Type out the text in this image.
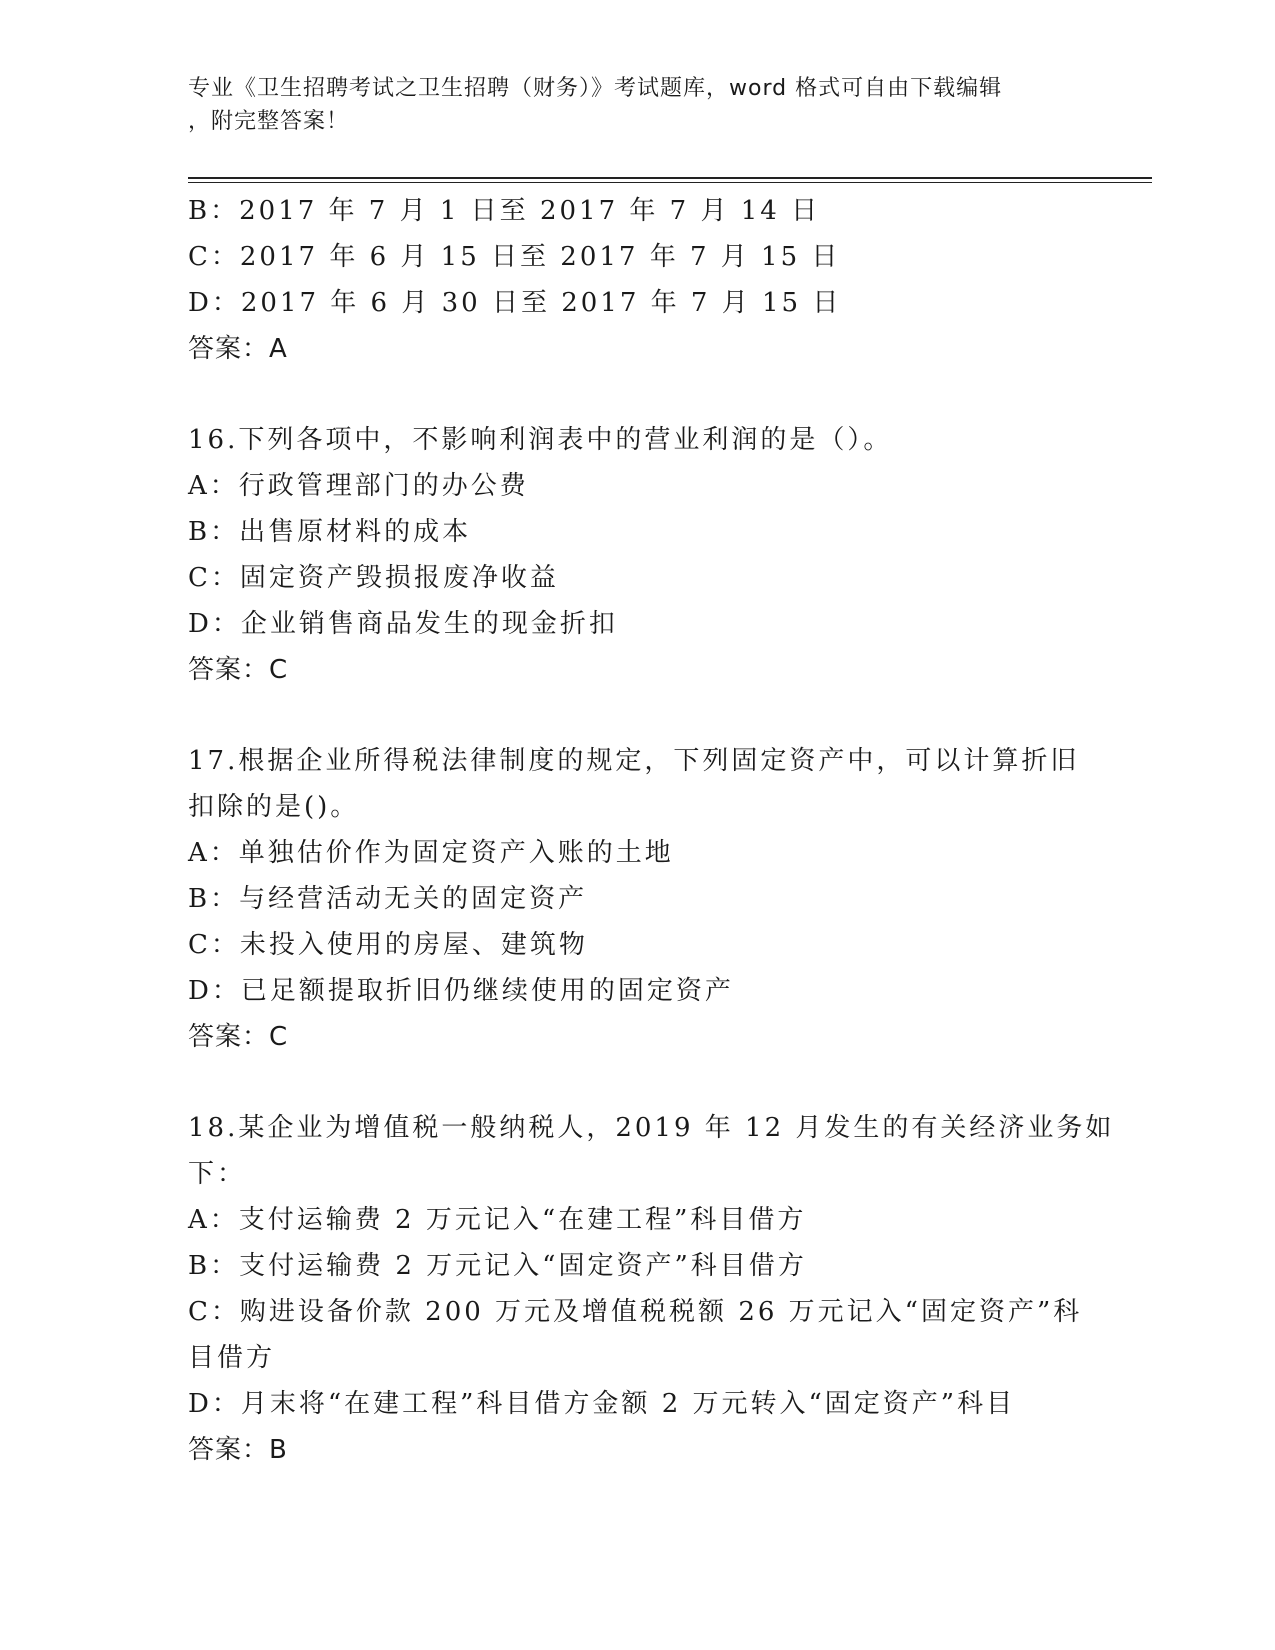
专业《卫生招聘考试之卫生招聘（财务）》考试题库，word 格式可自由下载编辑
，附完整答案！
B：2017 年 7 月 1 日至 2017 年 7 月 14 日
C：2017 年 6 月 15 日至 2017 年 7 月 15 日
D：2017 年 6 月 30 日至 2017 年 7 月 15 日
答案：A
16.下列各项中，不影响利润表中的营业利润的是（）。
A：行政管理部门的办公费
B：出售原材料的成本
C：固定资产毁损报废净收益
D：企业销售商品发生的现金折扣
答案：C
17.根据企业所得税法律制度的规定，下列固定资产中，可以计算折旧
扣除的是()。
A：单独估价作为固定资产入账的土地
B：与经营活动无关的固定资产
C：未投入使用的房屋、建筑物
D：已足额提取折旧仍继续使用的固定资产
答案：C
18.某企业为增值税一般纳税人，2019 年 12 月发生的有关经济业务如
下：
A：支付运输费 2 万元记入“在建工程”科目借方
B：支付运输费 2 万元记入“固定资产”科目借方
C：购进设备价款 200 万元及增值税税额 26 万元记入“固定资产”科
目借方
D：月末将“在建工程”科目借方金额 2 万元转入“固定资产”科目
答案：B
